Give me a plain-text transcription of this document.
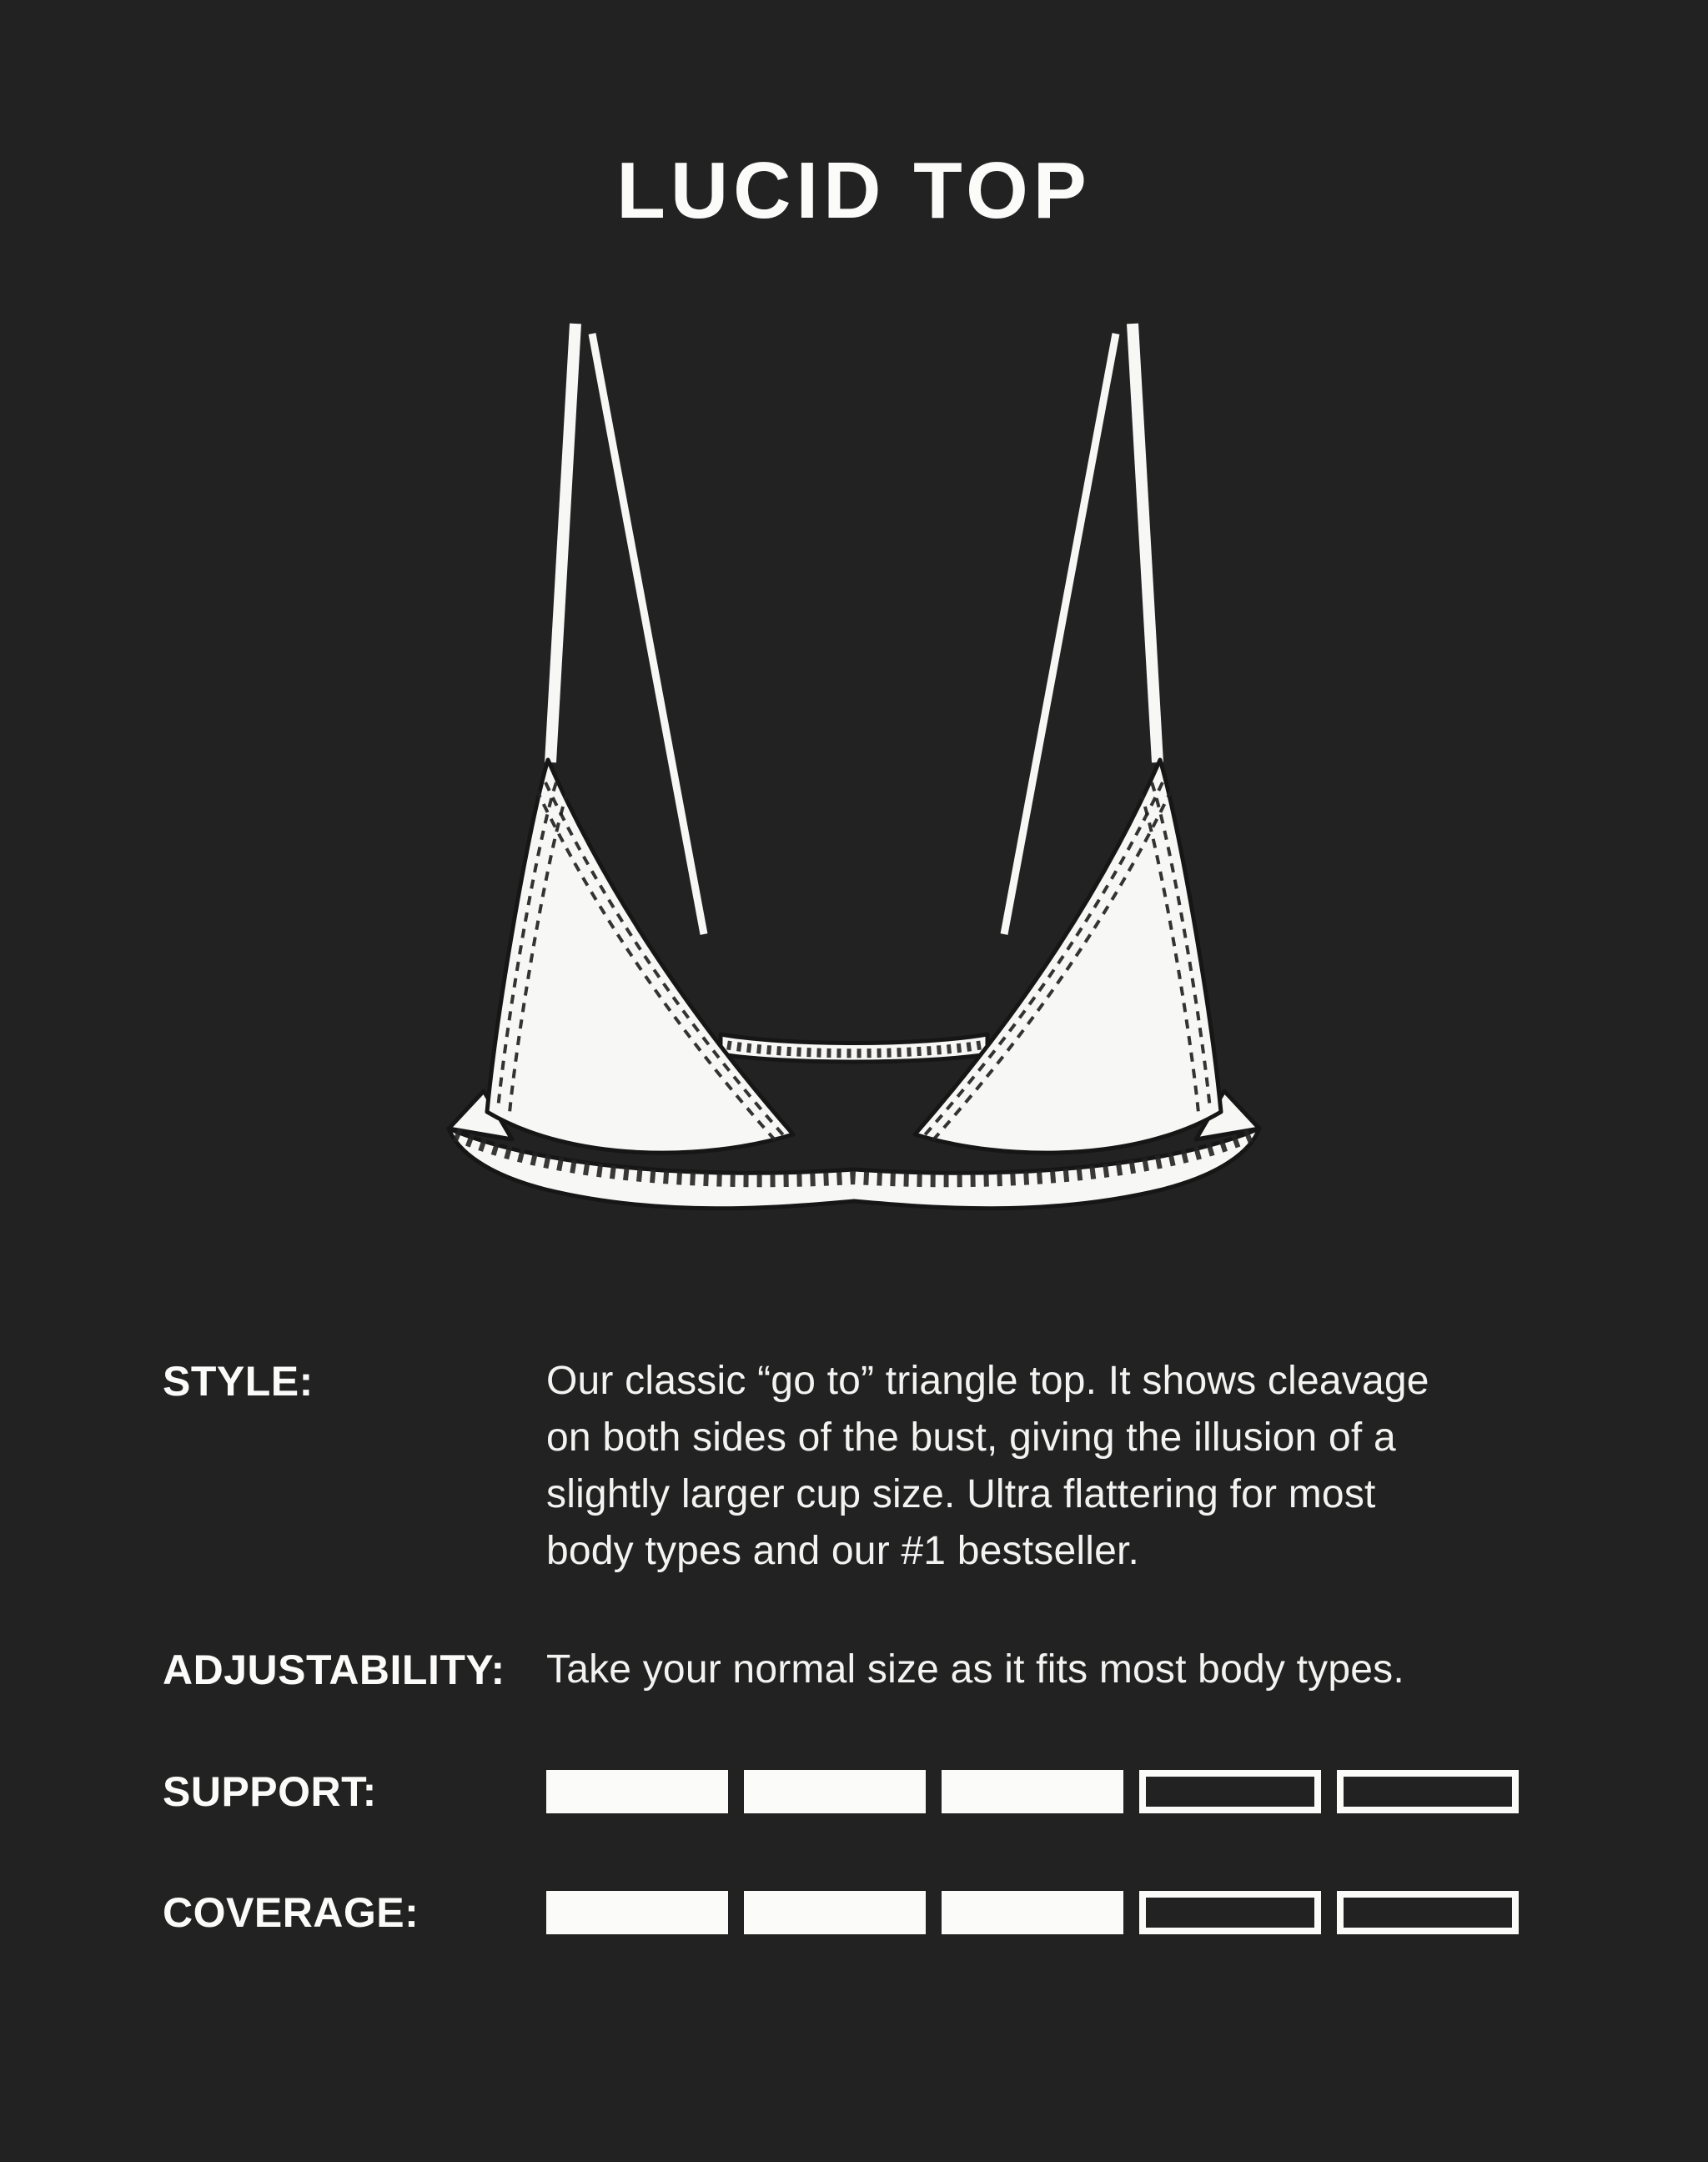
LUCID TOP
STYLE:	Our classic “go to” triangle top. It shows cleavage
on both sides of the bust, giving the illusion of a
slightly larger cup size. Ultra flattering for most
body types and our #1 bestseller.
ADJUSTABILITY:	Take your normal size as it fits most body types.
SUPPORT:
COVERAGE:
